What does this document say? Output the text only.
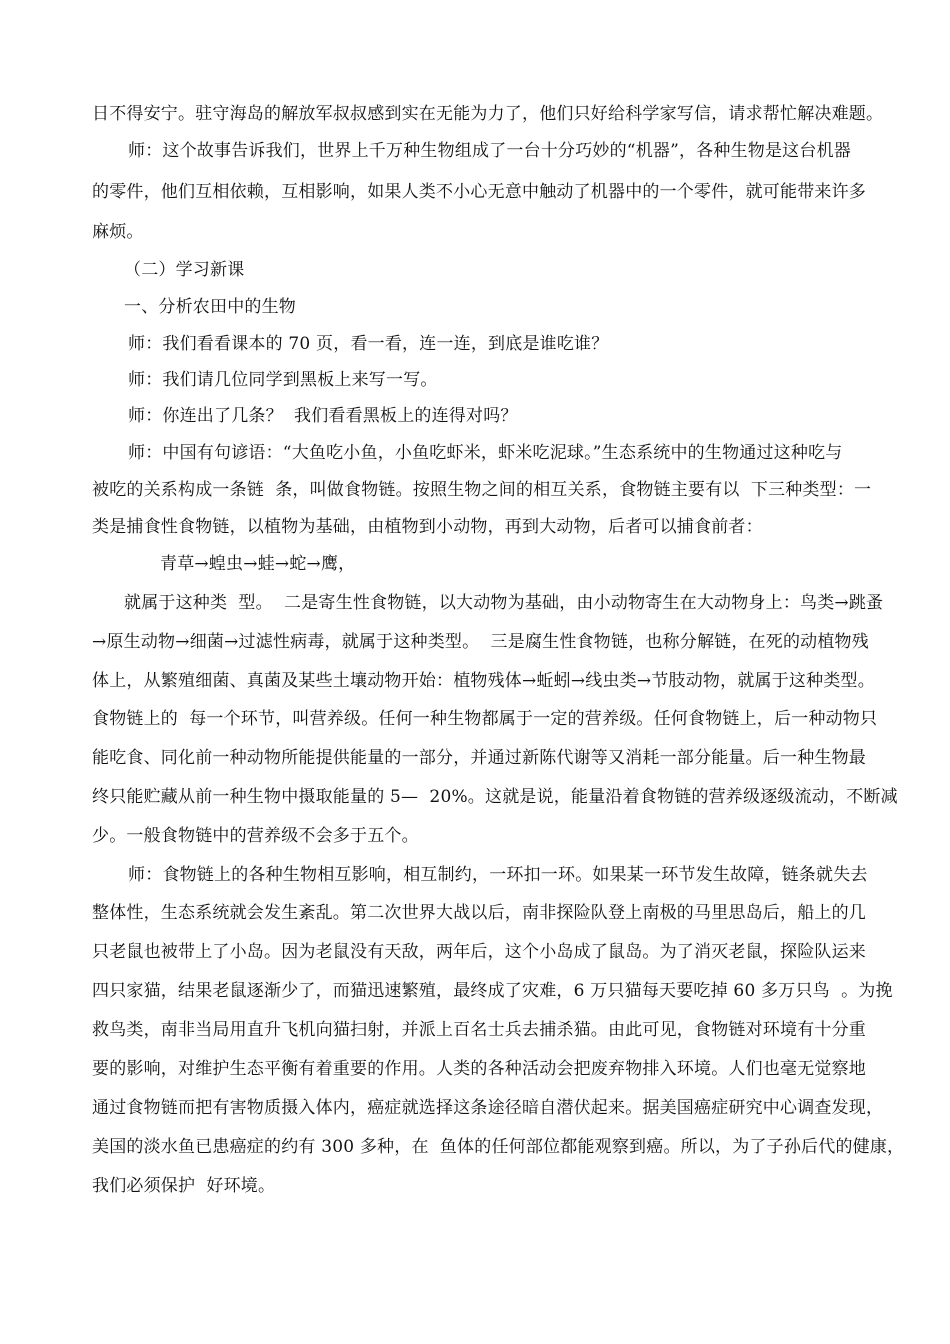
日不得安宁。驻守海岛的解放军叔叔感到实在无能为力了，他们只好给科学家写信，请求帮忙解决难题。
师：这个故事告诉我们，世界上千万种生物组成了一台十分巧妙的“机器”，各种生物是这台机器
的零件，他们互相依赖，互相影响，如果人类不小心无意中触动了机器中的一个零件，就可能带来许多
麻烦。
（二）学习新课
一、分析农田中的生物
师：我们看看课本的 70 页，看一看，连一连，到底是谁吃谁？
师：我们请几位同学到黑板上来写一写。
师：你连出了几条？  我们看看黑板上的连得对吗？
师：中国有句谚语：“大鱼吃小鱼，小鱼吃虾米，虾米吃泥球。”生态系统中的生物通过这种吃与
被吃的关系构成一条链  条，叫做食物链。按照生物之间的相互关系，食物链主要有以  下三种类型：一
类是捕食性食物链，以植物为基础，由植物到小动物，再到大动物，后者可以捕食前者：
青草→蝗虫→蛙→蛇→鹰，
就属于这种类  型。  二是寄生性食物链，以大动物为基础，由小动物寄生在大动物身上：鸟类→跳蚤
→原生动物→细菌→过滤性病毒，就属于这种类型。  三是腐生性食物链，也称分解链，在死的动植物残
体上，从繁殖细菌、真菌及某些土壤动物开始：植物残体→蚯蚓→线虫类→节肢动物，就属于这种类型。
食物链上的  每一个环节，叫营养级。任何一种生物都属于一定的营养级。任何食物链上，后一种动物只
能吃食、同化前一种动物所能提供能量的一部分，并通过新陈代谢等又消耗一部分能量。后一种生物最
终只能贮藏从前一种生物中摄取能量的 5—  20%。这就是说，能量沿着食物链的营养级逐级流动，不断减
少。一般食物链中的营养级不会多于五个。
师：食物链上的各种生物相互影响，相互制约，一环扣一环。如果某一环节发生故障，链条就失去
整体性，生态系统就会发生紊乱。第二次世界大战以后，南非探险队登上南极的马里思岛后，船上的几
只老鼠也被带上了小岛。因为老鼠没有天敌，两年后，这个小岛成了鼠岛。为了消灭老鼠，探险队运来
四只家猫，结果老鼠逐渐少了，而猫迅速繁殖，最终成了灾难，6 万只猫每天要吃掉 60 多万只鸟  。为挽
救鸟类，南非当局用直升飞机向猫扫射，并派上百名士兵去捕杀猫。由此可见，食物链对环境有十分重
要的影响，对维护生态平衡有着重要的作用。人类的各种活动会把废弃物排入环境。人们也毫无觉察地
通过食物链而把有害物质摄入体内，癌症就选择这条途径暗自潜伏起来。据美国癌症研究中心调查发现，
美国的淡水鱼已患癌症的约有 300 多种，在  鱼体的任何部位都能观察到癌。所以，为了子孙后代的健康，
我们必须保护  好环境。
